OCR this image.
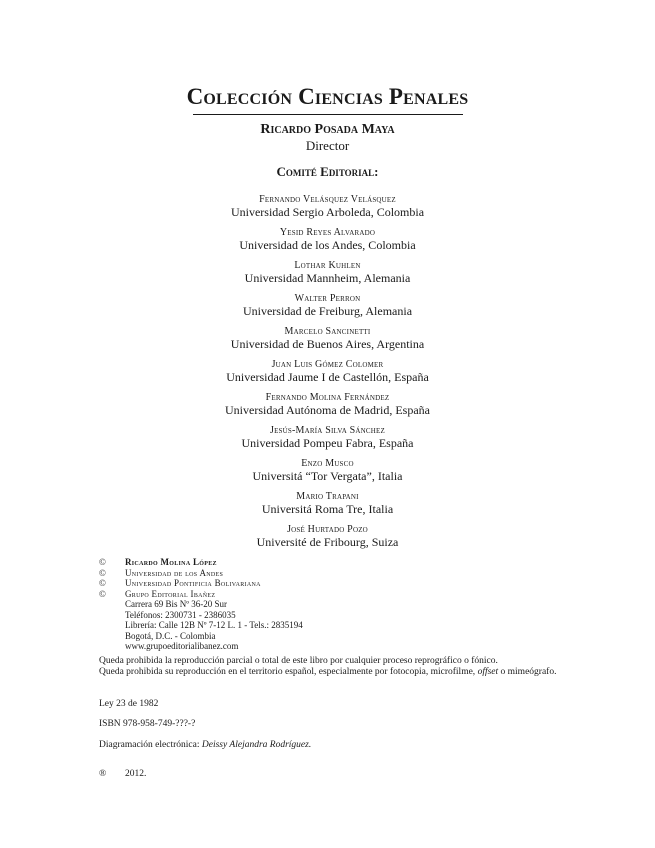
Colección Ciencias Penales
Ricardo Posada Maya
Director
Comité Editorial:
Fernando Velásquez Velásquez
Universidad Sergio Arboleda, Colombia
Yesid Reyes Alvarado
Universidad de los Andes, Colombia
Lothar Kuhlen
Universidad Mannheim, Alemania
Walter Perron
Universidad de Freiburg, Alemania
Marcelo Sancinetti
Universidad de Buenos Aires, Argentina
Juan Luis Gómez Colomer
Universidad Jaume I de Castellón, España
Fernando Molina Fernández
Universidad Autónoma de Madrid, España
Jesús-María Silva Sánchez
Universidad Pompeu Fabra, España
Enzo Musco
Universitá “Tor Vergata”, Italia
Mario Trapani
Universitá Roma Tre, Italia
José Hurtado Pozo
Université de Fribourg, Suiza
©	Ricardo Molina López
©	Universidad de los Andes
©	Universidad Pontificia Bolivariana
©	Grupo Editorial Ibañez
Carrera 69 Bis Nº 36-20 Sur
Teléfonos: 2300731 - 2386035
Librería: Calle 12B Nº 7-12 L. 1 - Tels.: 2835194
Bogotá, D.C. - Colombia
www.grupoeditorialibanez.com
Queda prohibida la reproducción parcial o total de este libro por cualquier proceso reprográfico o fónico.
Queda prohibida su reproducción en el territorio español, especialmente por fotocopia, microfilme, offset o mimeógrafo.
Ley 23 de 1982
ISBN 978-958-749-???-?
Diagramación electrónica: Deissy Alejandra Rodríguez.
®	2012.
